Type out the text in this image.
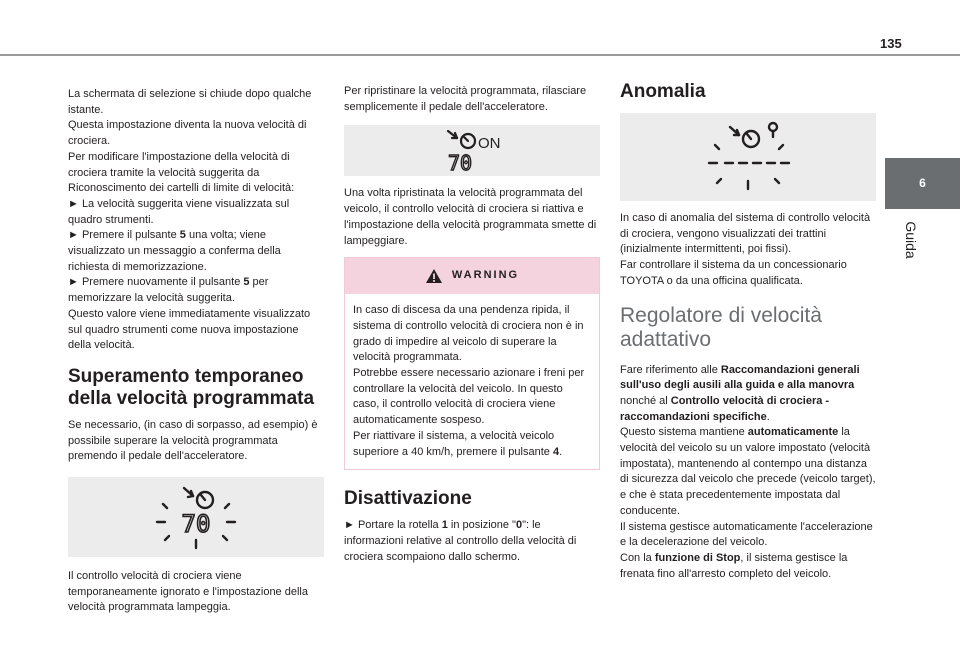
135
6
Guida
La schermata di selezione si chiude dopo qualche istante.
Questa impostazione diventa la nuova velocità di crociera.
Per modificare l'impostazione della velocità di crociera tramite la velocità suggerita da Riconoscimento dei cartelli di limite di velocità:
► La velocità suggerita viene visualizzata sul quadro strumenti.
► Premere il pulsante 5 una volta; viene visualizzato un messaggio a conferma della richiesta di memorizzazione.
► Premere nuovamente il pulsante 5 per memorizzare la velocità suggerita.
Questo valore viene immediatamente visualizzato sul quadro strumenti come nuova impostazione della velocità.
Superamento temporaneo della velocità programmata
Se necessario, (in caso di sorpasso, ad esempio) è possibile superare la velocità programmata premendo il pedale dell'acceleratore.
70
Il controllo velocità di crociera viene temporaneamente ignorato e l'impostazione della velocità programmata lampeggia.
Per ripristinare la velocità programmata, rilasciare semplicemente il pedale dell'acceleratore.
ON
70
Una volta ripristinata la velocità programmata del veicolo, il controllo velocità di crociera si riattiva e l'impostazione della velocità programmata smette di lampeggiare.
WARNING
In caso di discesa da una pendenza ripida, il sistema di controllo velocità di crociera non è in grado di impedire al veicolo di superare la velocità programmata.
Potrebbe essere necessario azionare i freni per controllare la velocità del veicolo. In questo caso, il controllo velocità di crociera viene automaticamente sospeso.
Per riattivare il sistema, a velocità veicolo superiore a 40 km/h, premere il pulsante 4.
Disattivazione
► Portare la rotella 1 in posizione "0": le informazioni relative al controllo della velocità di crociera scompaiono dallo schermo.
Anomalia
In caso di anomalia del sistema di controllo velocità di crociera, vengono visualizzati dei trattini (inizialmente intermittenti, poi fissi).
Far controllare il sistema da un concessionario TOYOTA o da una officina qualificata.
Regolatore di velocità adattativo
Fare riferimento alle Raccomandazioni generali sull'uso degli ausili alla guida e alla manovra nonché al Controllo velocità di crociera - raccomandazioni specifiche.
Questo sistema mantiene automaticamente la velocità del veicolo su un valore impostato (velocità impostata), mantenendo al contempo una distanza di sicurezza dal veicolo che precede (veicolo target), e che è stata precedentemente impostata dal conducente.
Il sistema gestisce automaticamente l'accelerazione e la decelerazione del veicolo.
Con la funzione di Stop, il sistema gestisce la frenata fino all'arresto completo del veicolo.
